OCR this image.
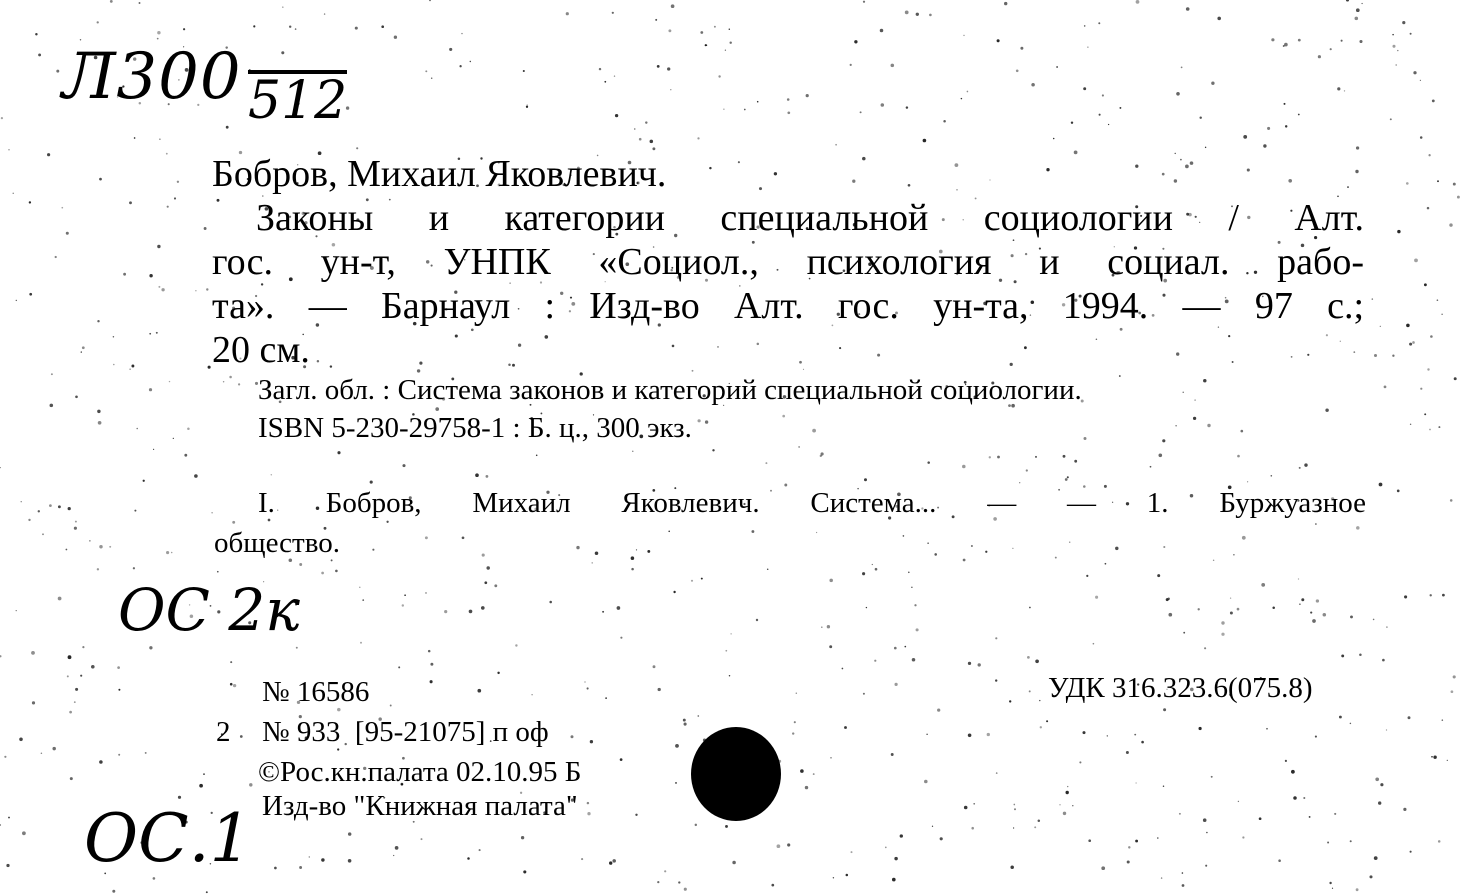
Л300 512
Бобров, Михаил Яковлевич.
Законы и категории специальной социологии / Алт.
гос. ун-т, УНПК «Социол., психология и социал. рабо-
та». — Барнаул : Изд-во Алт. гос. ун-та, 1994. — 97 с.;
20 см.
Загл. обл. : Система законов и категорий специальной социологии.
ISBN 5-230-29758-1 : Б. ц., 300 экз.
I. Бобров, Михаил Яковлевич. Система... — — 1. Буржуазное
общество.
ОС 2к
№ 16586	УДК 316.323.6(075.8)
2 № 933  [95-21075] п оф
©Рос.кн.палата 02.10.95 Б
Изд-во "Книжная палата"
ОС.1
